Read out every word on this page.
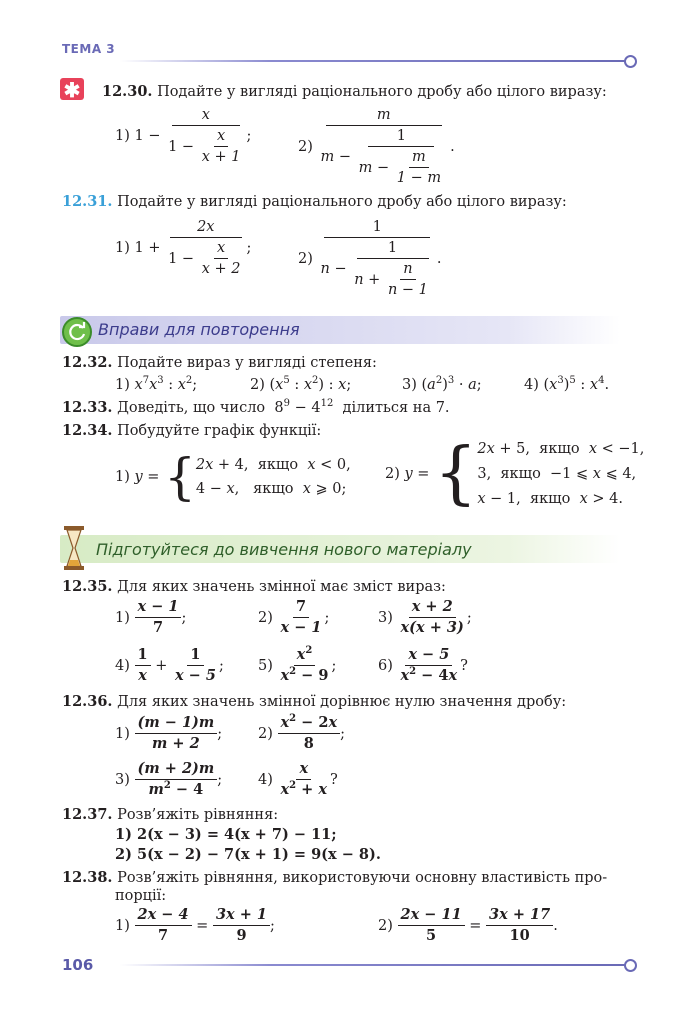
ТЕМА 3
✱ 12.30. Подайте у вигляді раціонального дробу або цілого виразу:
1) $1 - \frac{x}{1 - \frac{x}{x + 1}}$ ;
$2) \frac{m}{m - \frac{1}{m - \frac{m}{1 - m}}}$ .
12.31. Подайте у вигляді раціонального дробу або цілого виразу:
1) $1 + \frac{2x}{1 - \frac{x}{x + 2}}$ ;
$2) \frac{1}{n - \frac{1}{n + \frac{n}{n - 1}}}$ .
Вправи для повторення
12.32. Подайте вираз у вигляді степеня:
1) $x^7x^3$ : $x^2$;	2) ($x^5$ : $x^2$) : x;	3) $(a^2)^3 \cdot a$;	4) $(x^3)^5$ : $x^4$.
12.33. Доведіть, що число  $8^9 - 4^{12}$ ділиться на 7.
12.34. Побудуйте графік функції:
1) y = { 2x + 4,  якщо  x < 0,
4 − x,   якщо  x ⩾ 0;
2) y = { 2x + 5,  якщо  x < −1,
3,  якщо  −1 ⩽ x ⩽ 4,
x − 1,  якщо  x > 4.
Підготуйтеся до вивчення нового матеріалу
12.35. Для яких значень змінної має зміст вираз:
$1) \frac{x - 1}{7}$ ;	$2) \frac{7}{x - 1}$ ;	$3) \frac{x + 2}{x(x + 3)}$ ;
$4) \frac{1}{x} + \frac{1}{x - 5}$ ; $5) \frac{x^2}{x^2 - 9}$ ;	$6) \frac{x - 5}{x^2 - 4x}$ ?
12.36. Для яких значень змінної дорівнює нулю значення дробу:
$1) \frac{(m - 1)m}{m + 2}$ ; $2) \frac{x^2 - 2x}{8}$ ;
$3) \frac{(m + 2)m}{m^2 - 4}$ ; $4) \frac{x}{x^2 + x}$ ?
12.37. Розв’яжіть рівняння:
1) 2(x − 3) = 4(x + 7) − 11;
2) 5(x − 2) − 7(x + 1) = 9(x − 8).
12.38. Розв’яжіть рівняння, використовуючи основну властивість про-
порції:
$1) \frac{2x - 4}{7} = \frac{3x + 1}{9}$ ;	$2) \frac{2x - 11}{5} = \frac{3x + 17}{10}$ .
106
